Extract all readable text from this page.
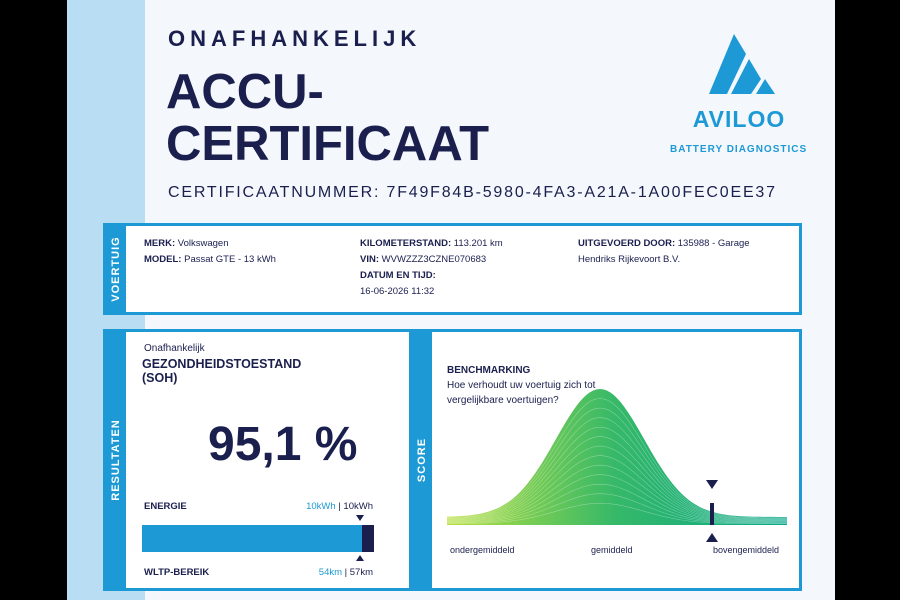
ONAFHANKELIJK
ACCU-
CERTIFICAAT
CERTIFICAATNUMMER: 7F49F84B-5980-4FA3-A21A-1A00FEC0EE37
AVILOO
BATTERY DIAGNOSTICS
VOERTUIG MERK: Volkswagen
MODEL: Passat GTE - 13 kWh
KILOMETERSTAND: 113.201 km
VIN: WVWZZZ3CZNE070683
DATUM EN TIJD:
16-06-2026 11:32
UITGEVOERD DOOR: 135988 - Garage
Hendriks Rijkevoort B.V.
RESULTATEN
Onafhankelijk
GEZONDHEIDSTOESTAND
(SOH)
95,1 %
ENERGIE	10kWh | 10kWh
WLTP-BEREIK	54km | 57km
SCORE
BENCHMARKING
Hoe verhoudt uw voertuig zich tot vergelijkbare voertuigen?
ondergemiddeld	gemiddeld	bovengemiddeld
